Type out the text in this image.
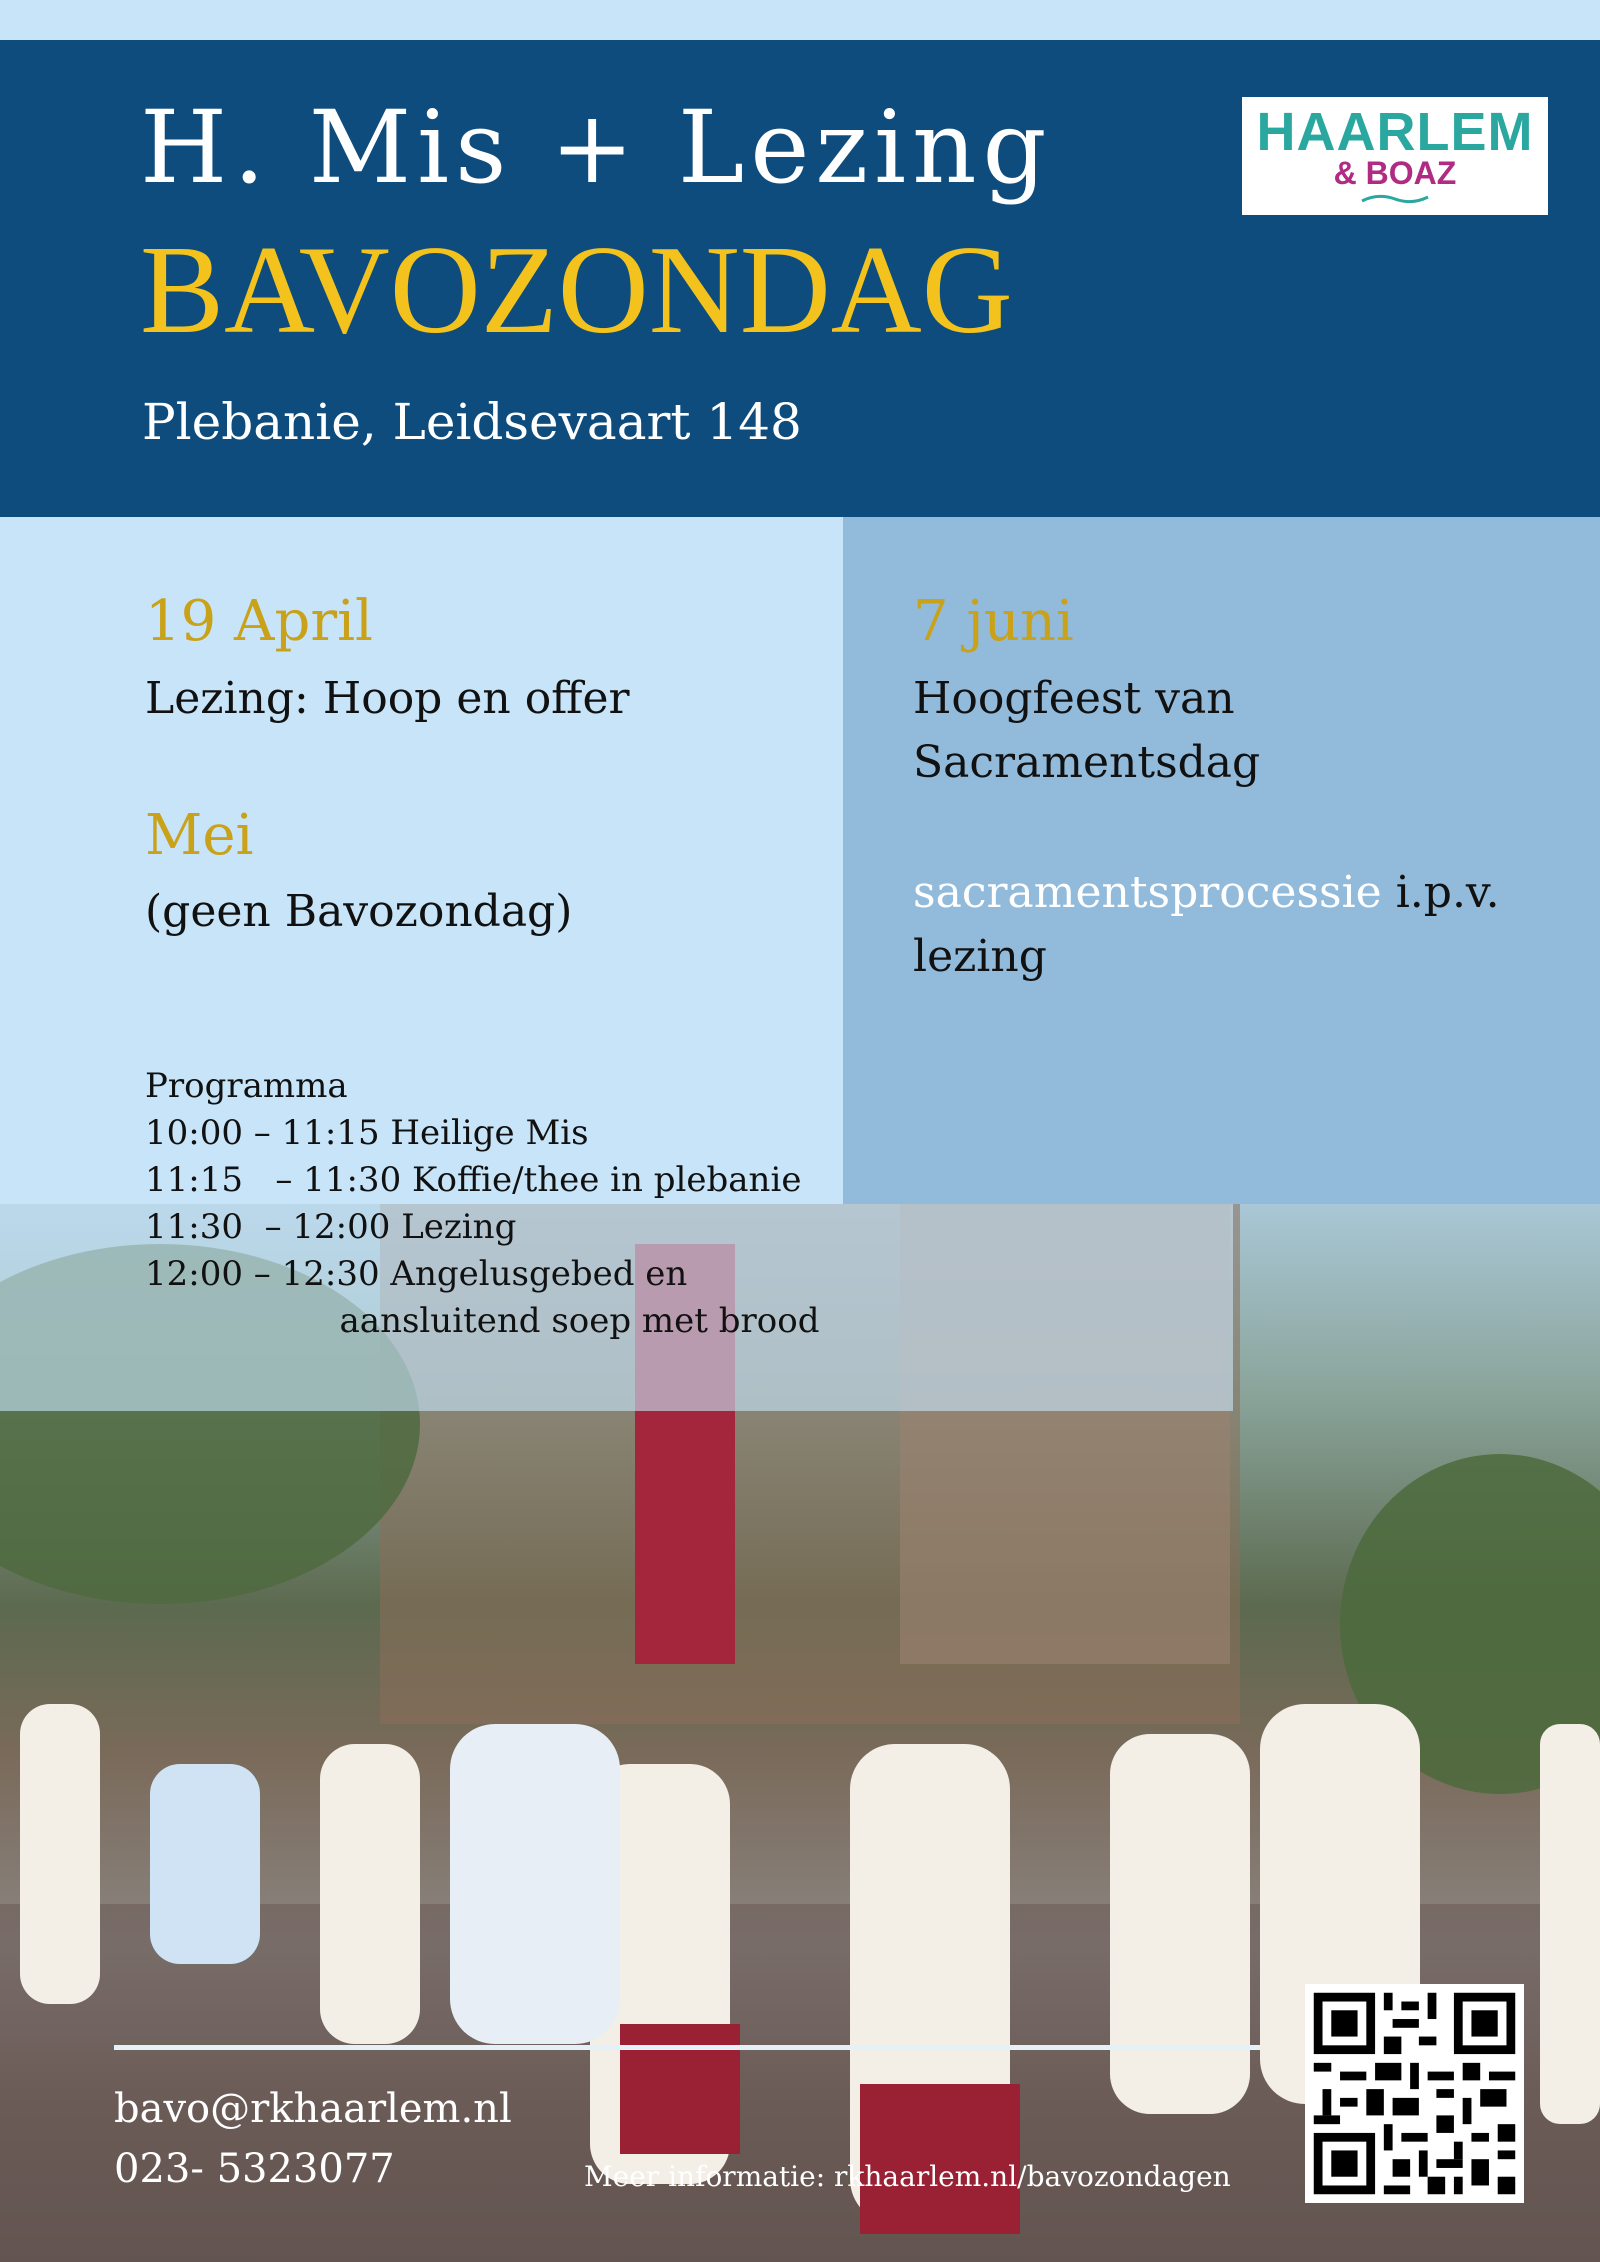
H. Mis + Lezing
BAVOZONDAG
Plebanie, Leidsevaart 148
HAARLEM
& BOAZ
19 April
Lezing: Hoop en offer
Mei
(geen Bavozondag)
7 juni
Hoogfeest van
Sacramentsdag
sacramentsprocessie i.p.v.
lezing
Programma
10:00 – 11:15 Heilige Mis
11:15   – 11:30 Koffie/thee in plebanie
11:30  – 12:00 Lezing
12:00 – 12:30 Angelusgebed en
aansluitend soep met brood
bavo@rkhaarlem.nl
023- 5323077	Meer informatie: rkhaarlem.nl/bavozondagen
